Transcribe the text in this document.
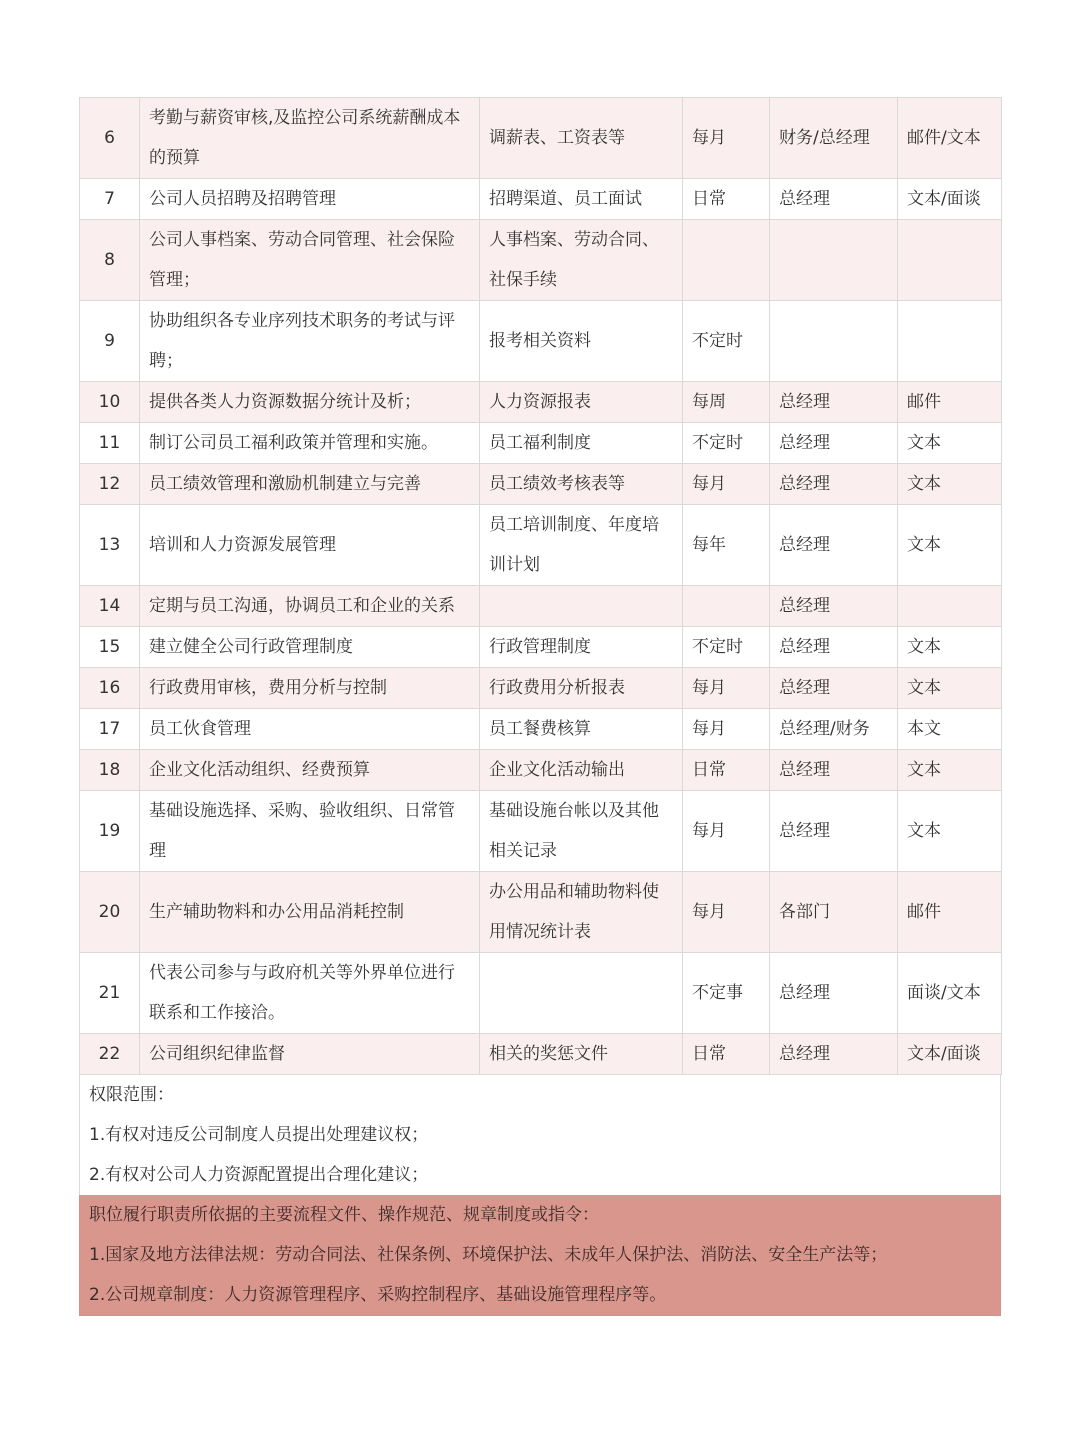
6	考勤与薪资审核,及监控公司系统薪酬成本的预算	调薪表、工资表等	每月	财务/总经理	邮件/文本
7	公司人员招聘及招聘管理	招聘渠道、员工面试	日常	总经理	文本/面谈
8	公司人事档案、劳动合同管理、社会保险管理；	人事档案、劳动合同、　社保手续			
9	协助组织各专业序列技术职务的考试与评聘；	报考相关资料	不定时		
10	提供各类人力资源数据分统计及析；	人力资源报表	每周	总经理	邮件
11	制订公司员工福利政策并管理和实施。	员工福利制度	不定时	总经理	文本
12	员工绩效管理和激励机制建立与完善	员工绩效考核表等	每月	总经理	文本
13	培训和人力资源发展管理	员工培训制度、年度培训计划	每年	总经理	文本
14	定期与员工沟通，协调员工和企业的关系			总经理	
15	建立健全公司行政管理制度	行政管理制度	不定时	总经理	文本
16	行政费用审核，费用分析与控制	行政费用分析报表	每月	总经理	文本
17	员工伙食管理	员工餐费核算	每月	总经理/财务	本文
18	企业文化活动组织、经费预算	企业文化活动输出	日常	总经理	文本
19	基础设施选择、采购、验收组织、日常管理	基础设施台帐以及其他相关记录	每月	总经理	文本
20	生产辅助物料和办公用品消耗控制	办公用品和辅助物料使用情况统计表	每月	各部门	邮件
21	代表公司参与与政府机关等外界单位进行联系和工作接洽。		不定事	总经理	面谈/文本
22	公司组织纪律监督	相关的奖惩文件	日常	总经理	文本/面谈
权限范围：
1.有权对违反公司制度人员提出处理建议权；
2.有权对公司人力资源配置提出合理化建议；
职位履行职责所依据的主要流程文件、操作规范、规章制度或指令：
1.国家及地方法律法规：劳动合同法、社保条例、环境保护法、未成年人保护法、消防法、安全生产法等；
2.公司规章制度：人力资源管理程序、采购控制程序、基础设施管理程序等。
